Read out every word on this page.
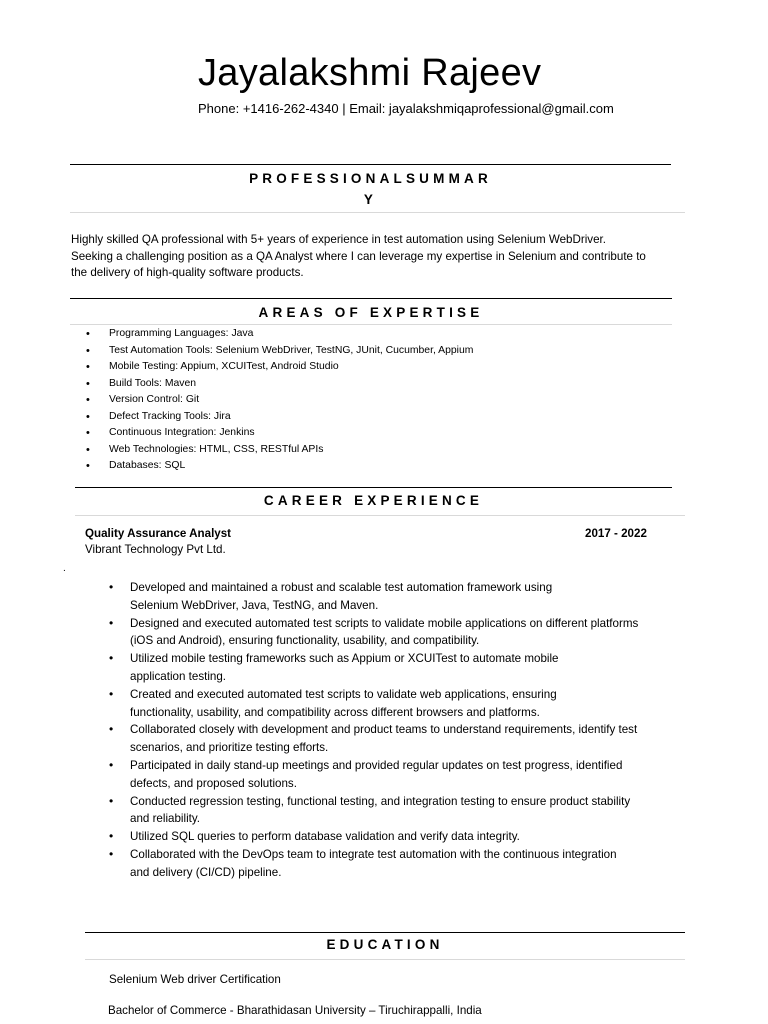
Jayalakshmi Rajeev
Phone: +1416-262-4340 | Email: jayalakshmiqaprofessional@gmail.com
PROFESSIONALSUMMAR
Y
Highly skilled QA professional with 5+ years of experience in test automation using Selenium WebDriver.
Seeking a challenging position as a QA Analyst where I can leverage my expertise in Selenium and contribute to
the delivery of high-quality software products.
AREAS OF EXPERTISE
• Programming Languages: Java
• Test Automation Tools: Selenium WebDriver, TestNG, JUnit, Cucumber, Appium
• Mobile Testing: Appium, XCUITest, Android Studio
• Build Tools: Maven
• Version Control: Git
• Defect Tracking Tools: Jira
• Continuous Integration: Jenkins
• Web Technologies: HTML, CSS, RESTful APIs
• Databases: SQL
CAREER EXPERIENCE
Quality Assurance Analyst	2017 - 2022
Vibrant Technology Pvt Ltd.
.
• Developed and maintained a robust and scalable test automation framework using
Selenium WebDriver, Java, TestNG, and Maven.
• Designed and executed automated test scripts to validate mobile applications on different platforms
(iOS and Android), ensuring functionality, usability, and compatibility.
• Utilized mobile testing frameworks such as Appium or XCUITest to automate mobile
application testing.
• Created and executed automated test scripts to validate web applications, ensuring
functionality, usability, and compatibility across different browsers and platforms.
• Collaborated closely with development and product teams to understand requirements, identify test
scenarios, and prioritize testing efforts.
• Participated in daily stand-up meetings and provided regular updates on test progress, identified
defects, and proposed solutions.
• Conducted regression testing, functional testing, and integration testing to ensure product stability
and reliability.
• Utilized SQL queries to perform database validation and verify data integrity.
• Collaborated with the DevOps team to integrate test automation with the continuous integration
and delivery (CI/CD) pipeline.
EDUCATION
Selenium Web driver Certification
Bachelor of Commerce - Bharathidasan University – Tiruchirappalli, India
